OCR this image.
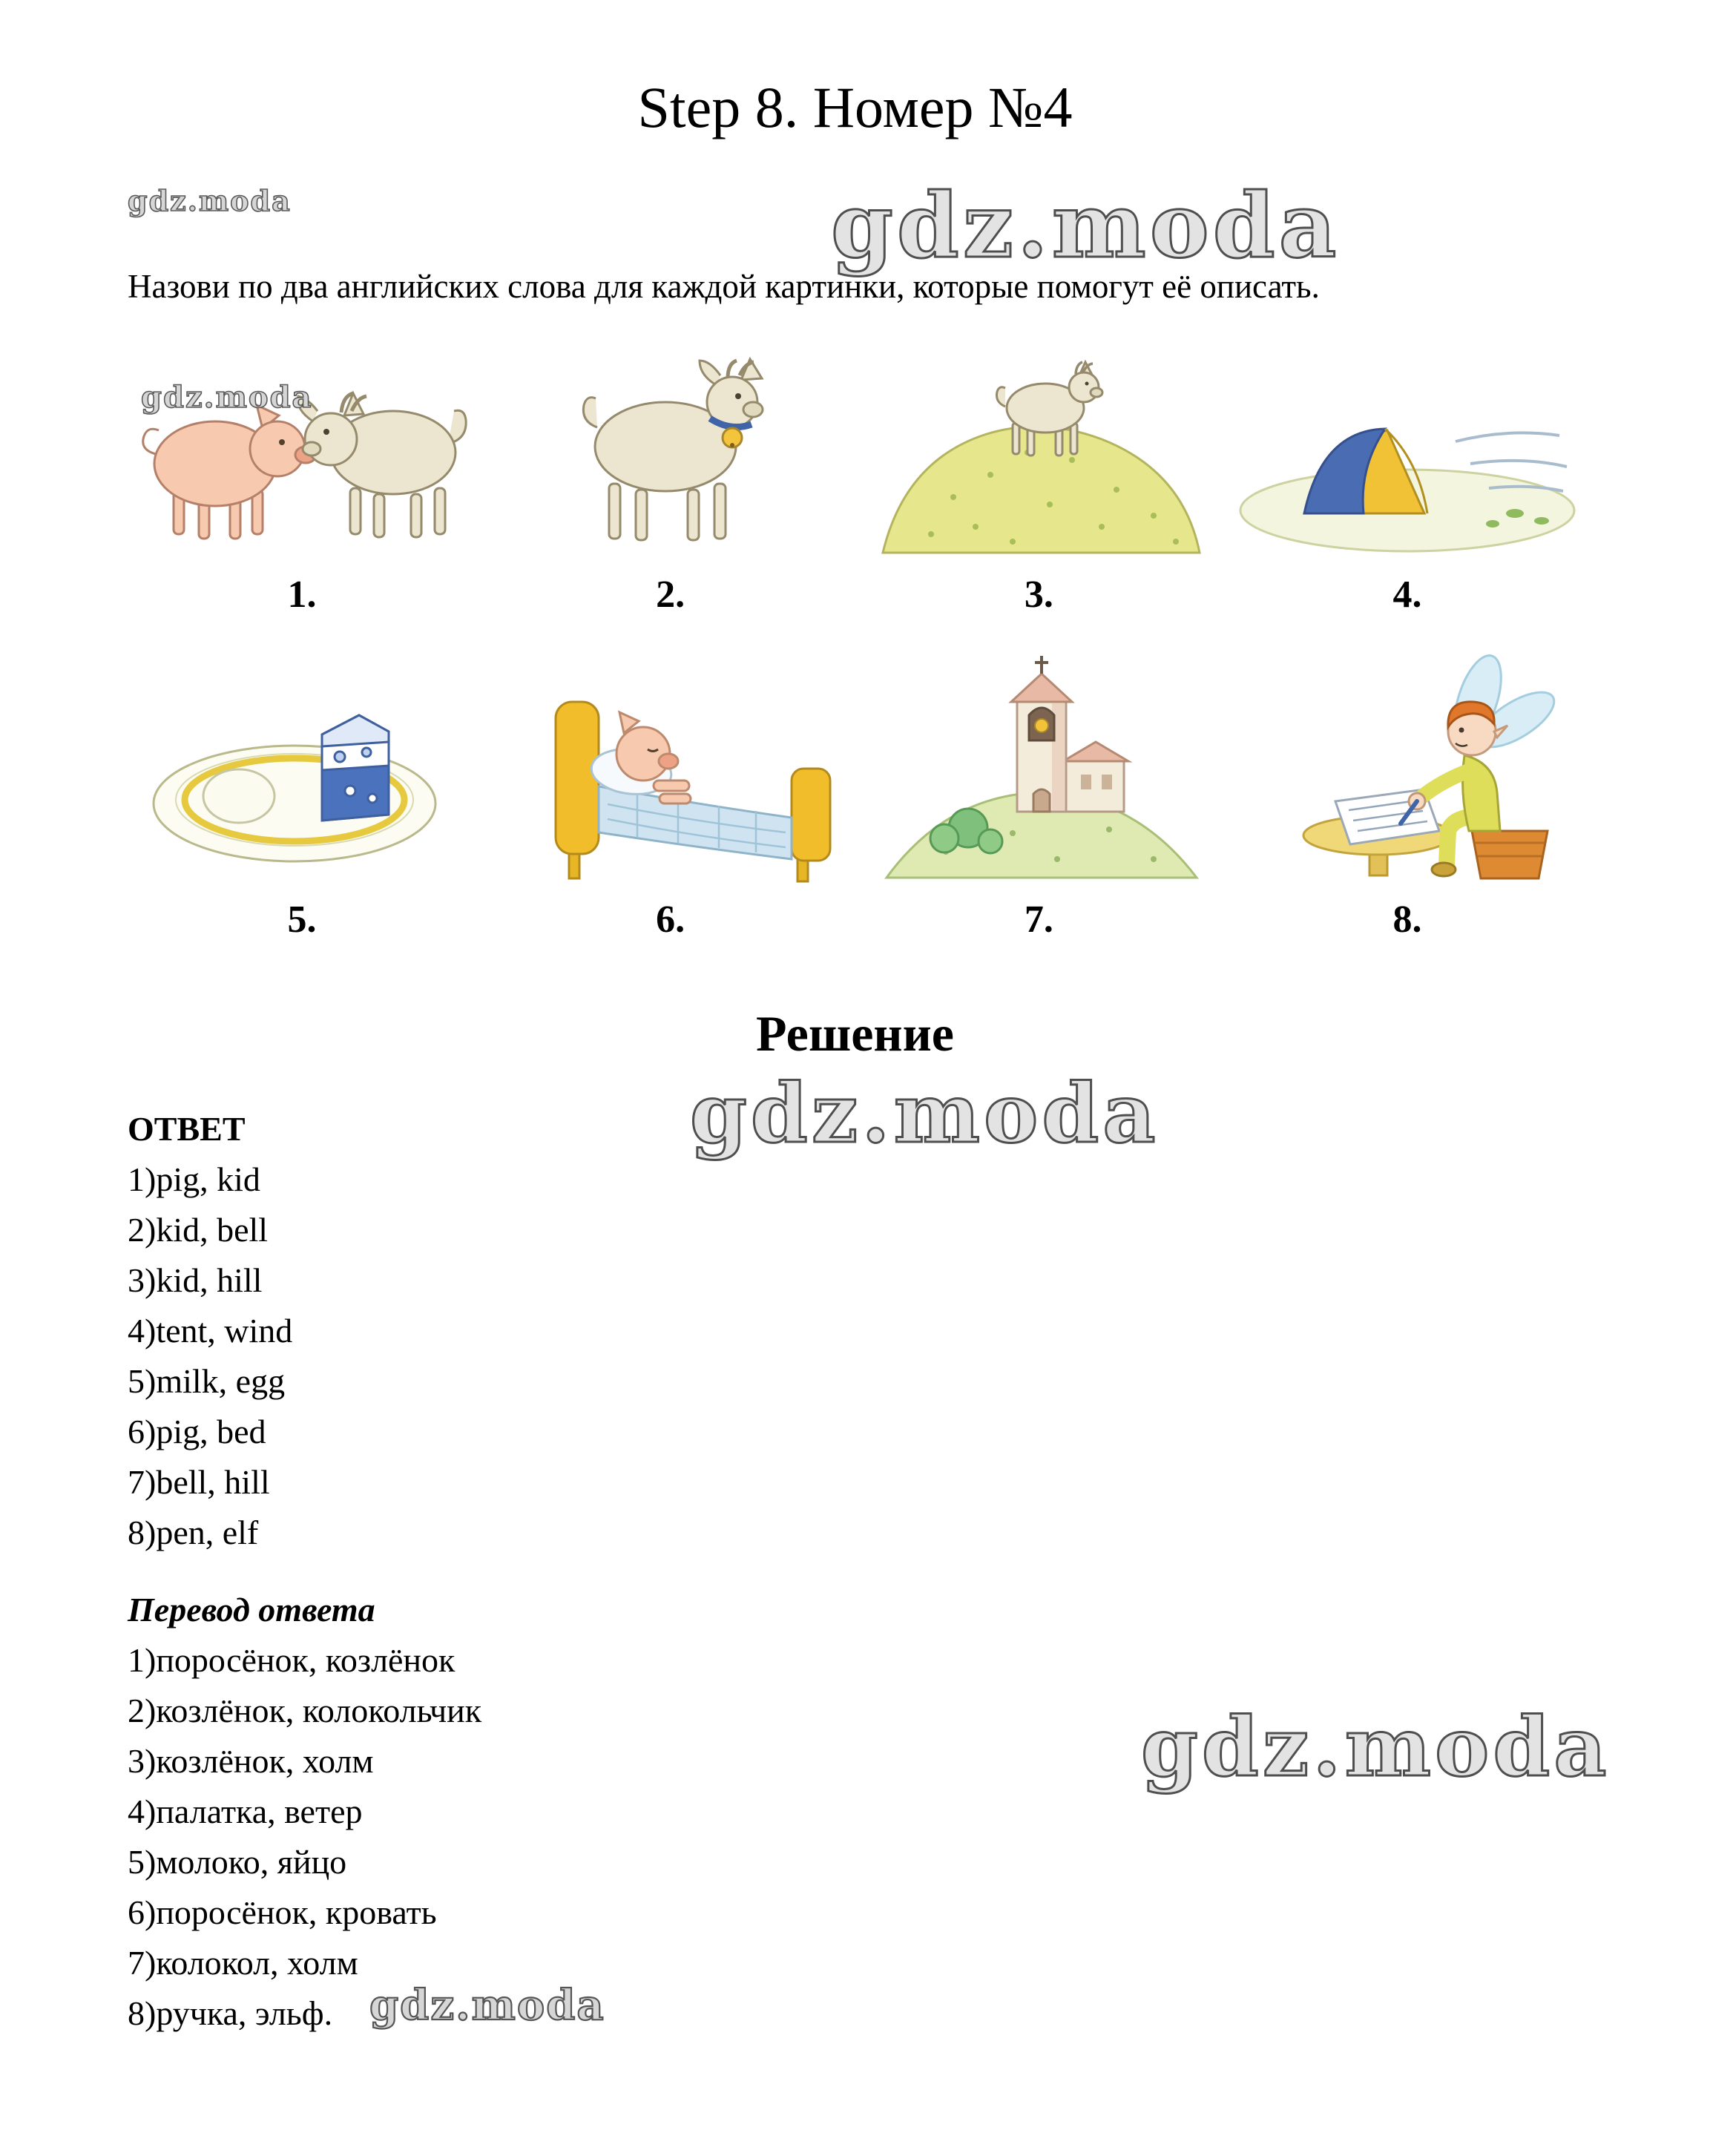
Step 8. Номер №4
gdz.moda	gdz.moda
gdz.moda

Назови по два английских слова для каждой картинки, которые помогут её описать.

1.	2.	3.	4.
5.	6.	7.	8.
Решение
gdz.moda
ОТВЕТ
1)pig, kid
2)kid, bell
3)kid, hill
4)tent, wind
5)milk, egg
6)pig, bed
7)bell, hill
8)pen, elf
Перевод ответа
1)поросёнок, козлёнок
2)козлёнок, колокольчик
3)козлёнок, холм
4)палатка, ветер
5)молоко, яйцо
6)поросёнок, кровать
7)колокол, холм
8)ручка, эльф.
gdz.moda
gdz.moda
